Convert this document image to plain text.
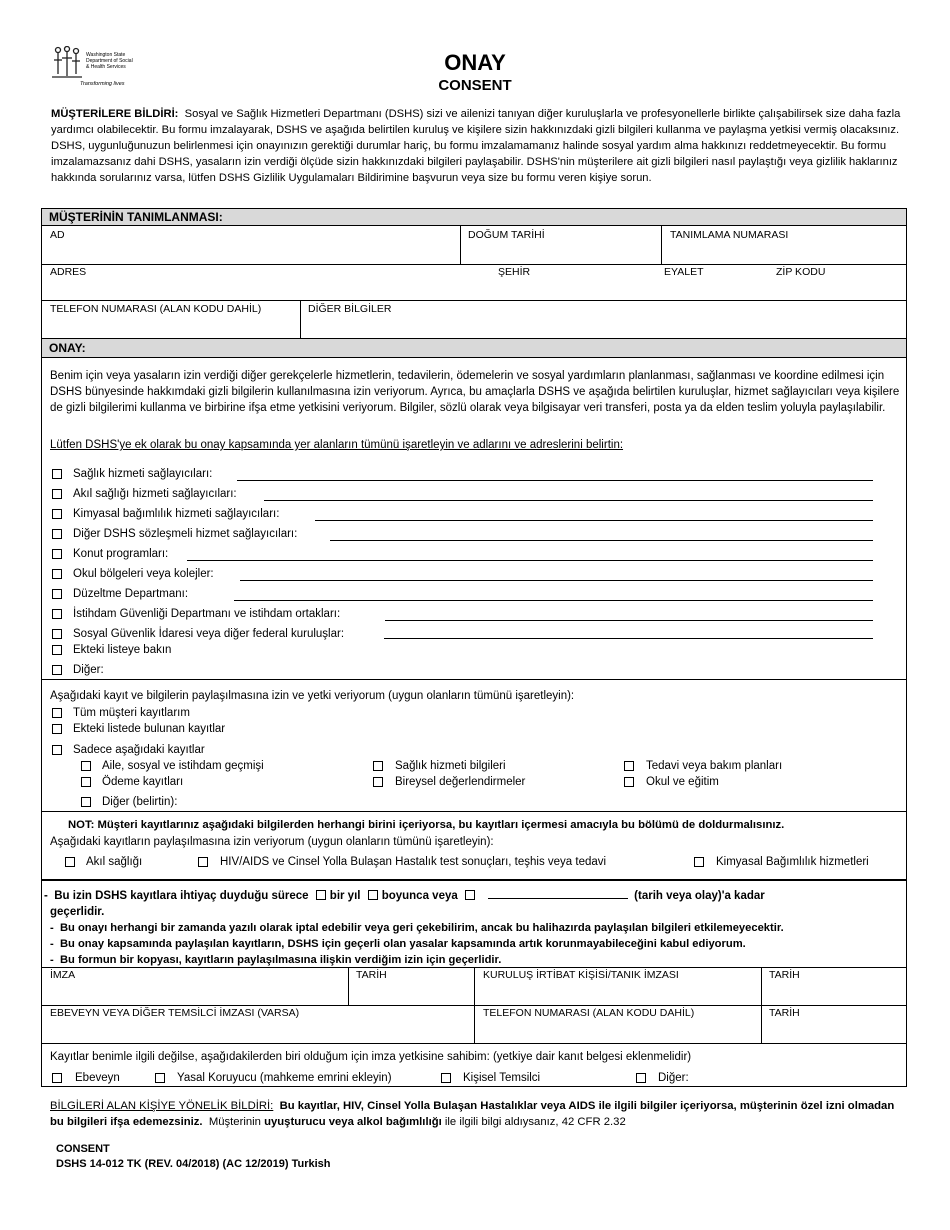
Washington State
Department of Social
& Health Services
Transforming lives
ONAY
CONSENT
MÜŞTERİLERE BİLDİRİ: Sosyal ve Sağlık Hizmetleri Departmanı (DSHS) sizi ve ailenizi tanıyan diğer kuruluşlarla ve profesyonellerle birlikte çalışabilirsek size daha fazla yardımcı olabilecektir. Bu formu imzalayarak, DSHS ve aşağıda belirtilen kuruluş ve kişilere sizin hakkınızdaki gizli bilgileri kullanma ve paylaşma yetkisi vermiş olacaksınız. DSHS, uygunluğunuzun belirlenmesi için onayınızın gerektiği durumlar hariç, bu formu imzalamamanız halinde sosyal yardım alma hakkınızı reddetmeyecektir. Bu formu imzalamazsanız dahi DSHS, yasaların izin verdiği ölçüde sizin hakkınızdaki bilgileri paylaşabilir. DSHS'nin müşterilere ait gizli bilgileri nasıl paylaştığı veya gizlilik haklarınız hakkında sorularınız varsa, lütfen DSHS Gizlilik Uygulamaları Bildirimine başvurun veya size bu formu veren kişiye sorun.
MÜŞTERİNİN TANIMLANMASI:
AD	DOĞUM TARİHİ	TANIMLAMA NUMARASI
ADRES	ŞEHİR	EYALET	ZİP KODU
TELEFON NUMARASI (ALAN KODU DAHİL)	DİĞER BİLGİLER
ONAY:
Benim için veya yasaların izin verdiği diğer gerekçelerle hizmetlerin, tedavilerin, ödemelerin ve sosyal yardımların planlanması, sağlanması ve koordine edilmesi için DSHS bünyesinde hakkımdaki gizli bilgilerin kullanılmasına izin veriyorum. Ayrıca, bu amaçlarla DSHS ve aşağıda belirtilen kuruluşlar, hizmet sağlayıcıları veya kişilere de gizli bilgilerimi kullanma ve birbirine ifşa etme yetkisini veriyorum. Bilgiler, sözlü olarak veya bilgisayar veri transferi, posta ya da elden teslim yoluyla paylaşılabilir.
Lütfen DSHS'ye ek olarak bu onay kapsamında yer alanların tümünü işaretleyin ve adlarını ve adreslerini belirtin:
Sağlık hizmeti sağlayıcıları:
Akıl sağlığı hizmeti sağlayıcıları:
Kimyasal bağımlılık hizmeti sağlayıcıları:
Diğer DSHS sözleşmeli hizmet sağlayıcıları:
Konut programları:
Okul bölgeleri veya kolejler:
Düzeltme Departmanı:
İstihdam Güvenliği Departmanı ve istihdam ortakları:
Sosyal Güvenlik İdaresi veya diğer federal kuruluşlar:
Ekteki listeye bakın
Diğer:
Aşağıdaki kayıt ve bilgilerin paylaşılmasına izin ve yetki veriyorum (uygun olanların tümünü işaretleyin):
Tüm müşteri kayıtlarım
Ekteki listede bulunan kayıtlar
Sadece aşağıdaki kayıtlar
Aile, sosyal ve istihdam geçmişi	Sağlık hizmeti bilgileri	Tedavi veya bakım planları
Ödeme kayıtları	Bireysel değerlendirmeler	Okul ve eğitim
Diğer (belirtin):
NOT: Müşteri kayıtlarınız aşağıdaki bilgilerden herhangi birini içeriyorsa, bu kayıtları içermesi amacıyla bu bölümü de doldurmalısınız.
Aşağıdaki kayıtların paylaşılmasına izin veriyorum (uygun olanların tümünü işaretleyin):
Akıl sağlığı	HIV/AIDS ve Cinsel Yolla Bulaşan Hastalık test sonuçları, teşhis veya tedavi	Kimyasal Bağımlılık hizmetleri
-  Bu izin DSHS kayıtlara ihtiyaç duyduğu sürece bir yıl boyunca veya	(tarih veya olay)'a kadar
geçerlidir.
-  Bu onayı herhangi bir zamanda yazılı olarak iptal edebilir veya geri çekebilirim, ancak bu halihazırda paylaşılan bilgileri etkilemeyecektir.
-  Bu onay kapsamında paylaşılan kayıtların, DSHS için geçerli olan yasalar kapsamında artık korunmayabileceğini kabul ediyorum.
-  Bu formun bir kopyası, kayıtların paylaşılmasına ilişkin verdiğim izin için geçerlidir.
İMZA	TARİH	KURULUŞ İRTİBAT KİŞİSİ/TANIK İMZASI	TARİH
EBEVEYN VEYA DİĞER TEMSİLCİ İMZASI (VARSA)	TELEFON NUMARASI (ALAN KODU DAHİL)	TARİH
Kayıtlar benimle ilgili değilse, aşağıdakilerden biri olduğum için imza yetkisine sahibim: (yetkiye dair kanıt belgesi eklenmelidir)
Ebeveyn	Yasal Koruyucu (mahkeme emrini ekleyin)	Kişisel Temsilci	Diğer:
BİLGİLERİ ALAN KİŞİYE YÖNELİK BİLDİRİ: Bu kayıtlar, HIV, Cinsel Yolla Bulaşan Hastalıklar veya AIDS ile ilgili bilgiler içeriyorsa, müşterinin özel izni olmadan bu bilgileri ifşa edemezsiniz. Müşterinin uyuşturucu veya alkol bağımlılığı ile ilgili bilgi aldıysanız, 42 CFR 2.32
CONSENT
DSHS 14-012 TK (REV. 04/2018) (AC 12/2019) Turkish
